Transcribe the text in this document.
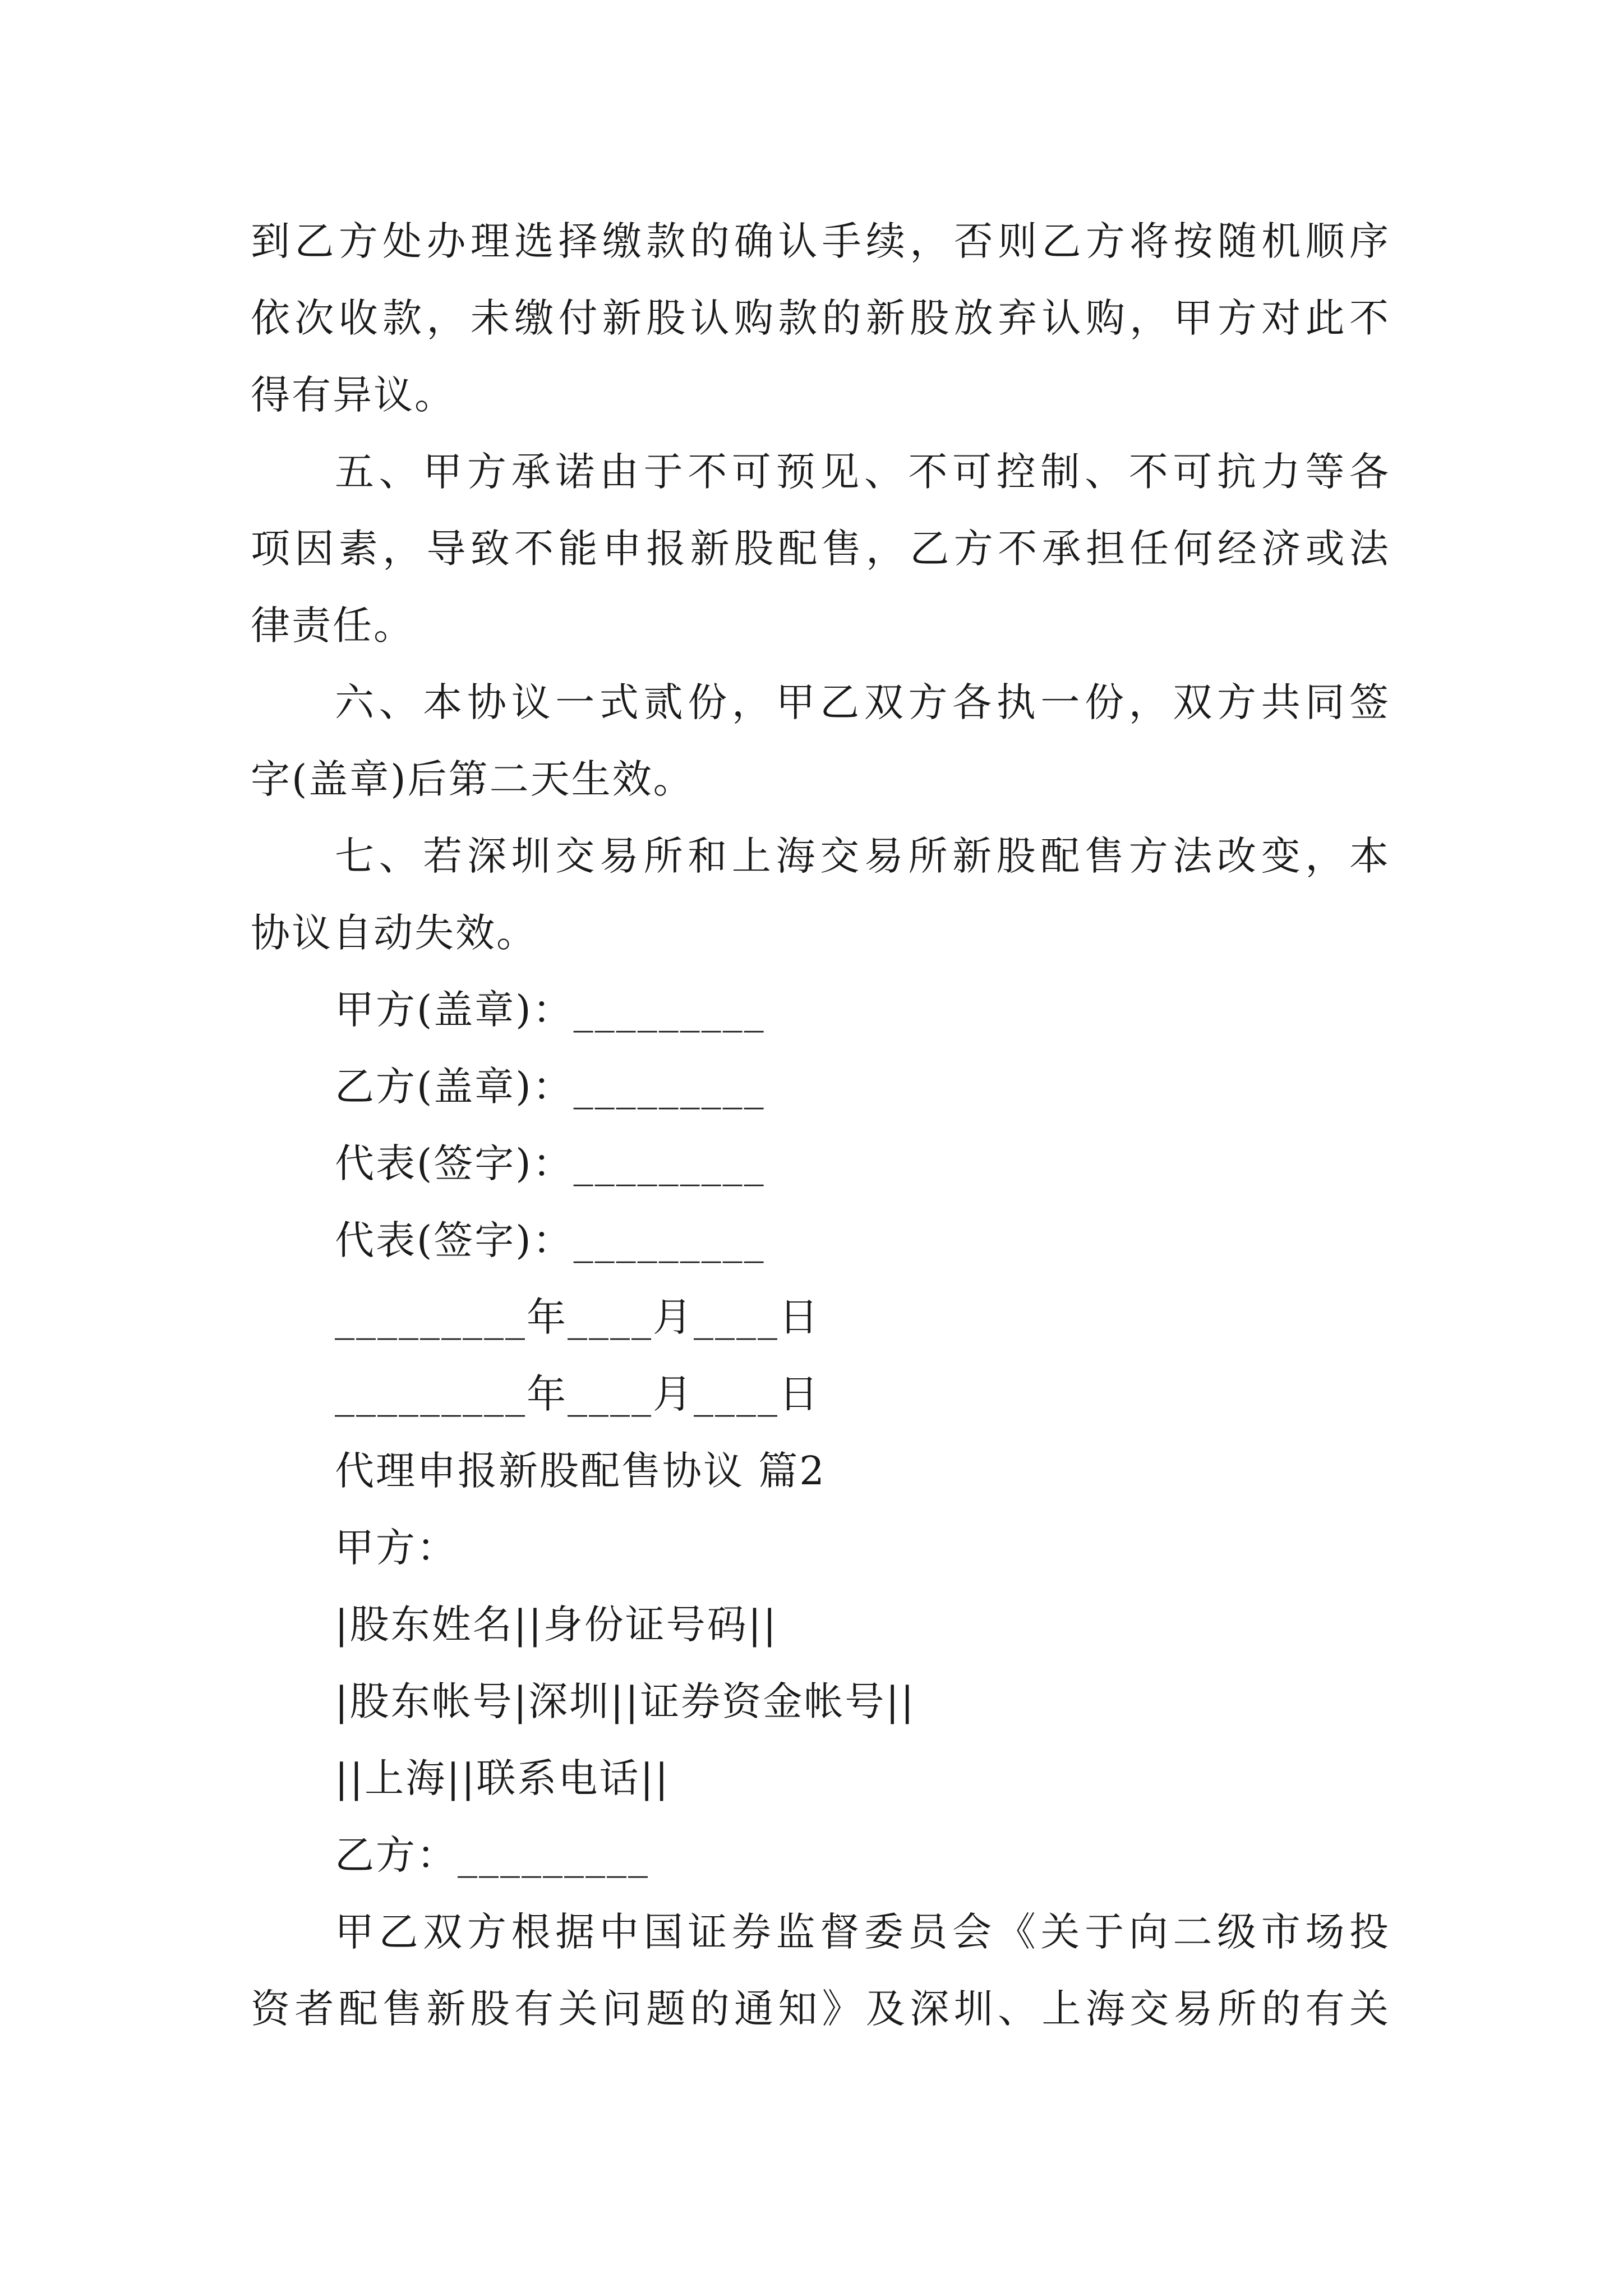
到乙方处办理选择缴款的确认手续，否则乙方将按随机顺序
依次收款，未缴付新股认购款的新股放弃认购，甲方对此不
得有异议。
五、甲方承诺由于不可预见、不可控制、不可抗力等各
项因素，导致不能申报新股配售，乙方不承担任何经济或法
律责任。
六、本协议一式贰份，甲乙双方各执一份，双方共同签
字(盖章)后第二天生效。
七、若深圳交易所和上海交易所新股配售方法改变，本
协议自动失效。
甲方(盖章)：_________
乙方(盖章)：_________
代表(签字)：_________
代表(签字)：_________
_________年____月____日
_________年____月____日
代理申报新股配售协议 篇2
甲方：
|股东姓名||身份证号码||
|股东帐号|深圳||证券资金帐号||
||上海||联系电话||
乙方：_________
甲乙双方根据中国证券监督委员会《关于向二级市场投
资者配售新股有关问题的通知》及深圳、上海交易所的有关
